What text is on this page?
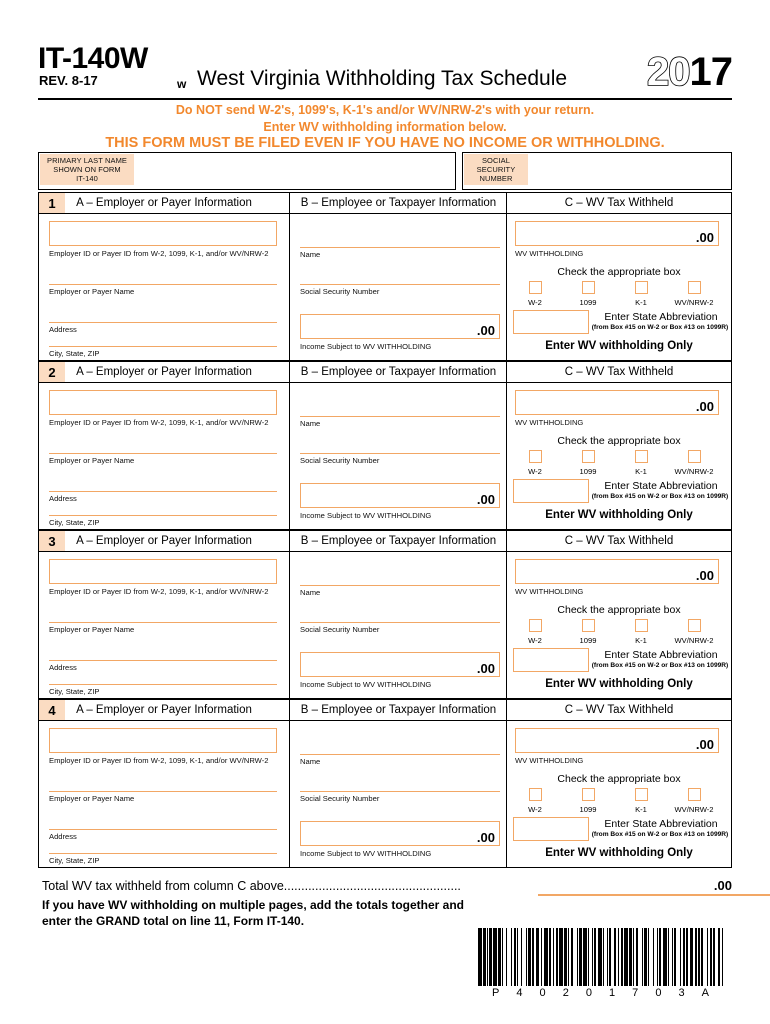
IT-140W
REV. 8-17	w West Virginia Withholding Tax Schedule 2017
Do NOT send W-2's, 1099's, K-1's and/or WV/NRW-2's with your return.
Enter WV withholding information below.
THIS FORM MUST BE FILED EVEN IF YOU HAVE NO INCOME OR WITHHOLDING.
PRIMARY LAST NAME
SHOWN ON FORM
IT-140
SOCIAL
SECURITY
NUMBER
1	A – Employer or Payer Information	B – Employee or Taxpayer Information	C – WV Tax Withheld
Employer ID or Payer ID from W-2, 1099, K-1, and/or WV/NRW-2
Employer or Payer Name
Address
City, State, ZIP
Name
Social Security Number
.00
Income Subject to WV WITHHOLDING
.00
WV WITHHOLDING
Check the appropriate box
W-2	1099	K-1	WV/NRW-2
Enter State Abbreviation
(from Box #15 on W-2 or Box #13 on 1099R)
Enter WV withholding Only
2	A – Employer or Payer Information	B – Employee or Taxpayer Information	C – WV Tax Withheld
Employer ID or Payer ID from W-2, 1099, K-1, and/or WV/NRW-2
Employer or Payer Name
Address
City, State, ZIP
Name
Social Security Number
.00
Income Subject to WV WITHHOLDING
.00
WV WITHHOLDING
Check the appropriate box
W-2	1099	K-1	WV/NRW-2
Enter State Abbreviation
(from Box #15 on W-2 or Box #13 on 1099R)
Enter WV withholding Only
3	A – Employer or Payer Information	B – Employee or Taxpayer Information	C – WV Tax Withheld
Employer ID or Payer ID from W-2, 1099, K-1, and/or WV/NRW-2
Employer or Payer Name
Address
City, State, ZIP
Name
Social Security Number
.00
Income Subject to WV WITHHOLDING
.00
WV WITHHOLDING
Check the appropriate box
W-2	1099	K-1	WV/NRW-2
Enter State Abbreviation
(from Box #15 on W-2 or Box #13 on 1099R)
Enter WV withholding Only
4	A – Employer or Payer Information	B – Employee or Taxpayer Information	C – WV Tax Withheld
Employer ID or Payer ID from W-2, 1099, K-1, and/or WV/NRW-2
Employer or Payer Name
Address
City, State, ZIP
Name
Social Security Number
.00
Income Subject to WV WITHHOLDING
.00
WV WITHHOLDING
Check the appropriate box
W-2	1099	K-1	WV/NRW-2
Enter State Abbreviation
(from Box #15 on W-2 or Box #13 on 1099R)
Enter WV withholding Only
Total WV tax withheld from column C above...................................................	.00
If you have WV withholding on multiple pages, add the totals together and
enter the GRAND total on line 11, Form IT-140.
P 4 0 2 0 1 7 0 3 A
